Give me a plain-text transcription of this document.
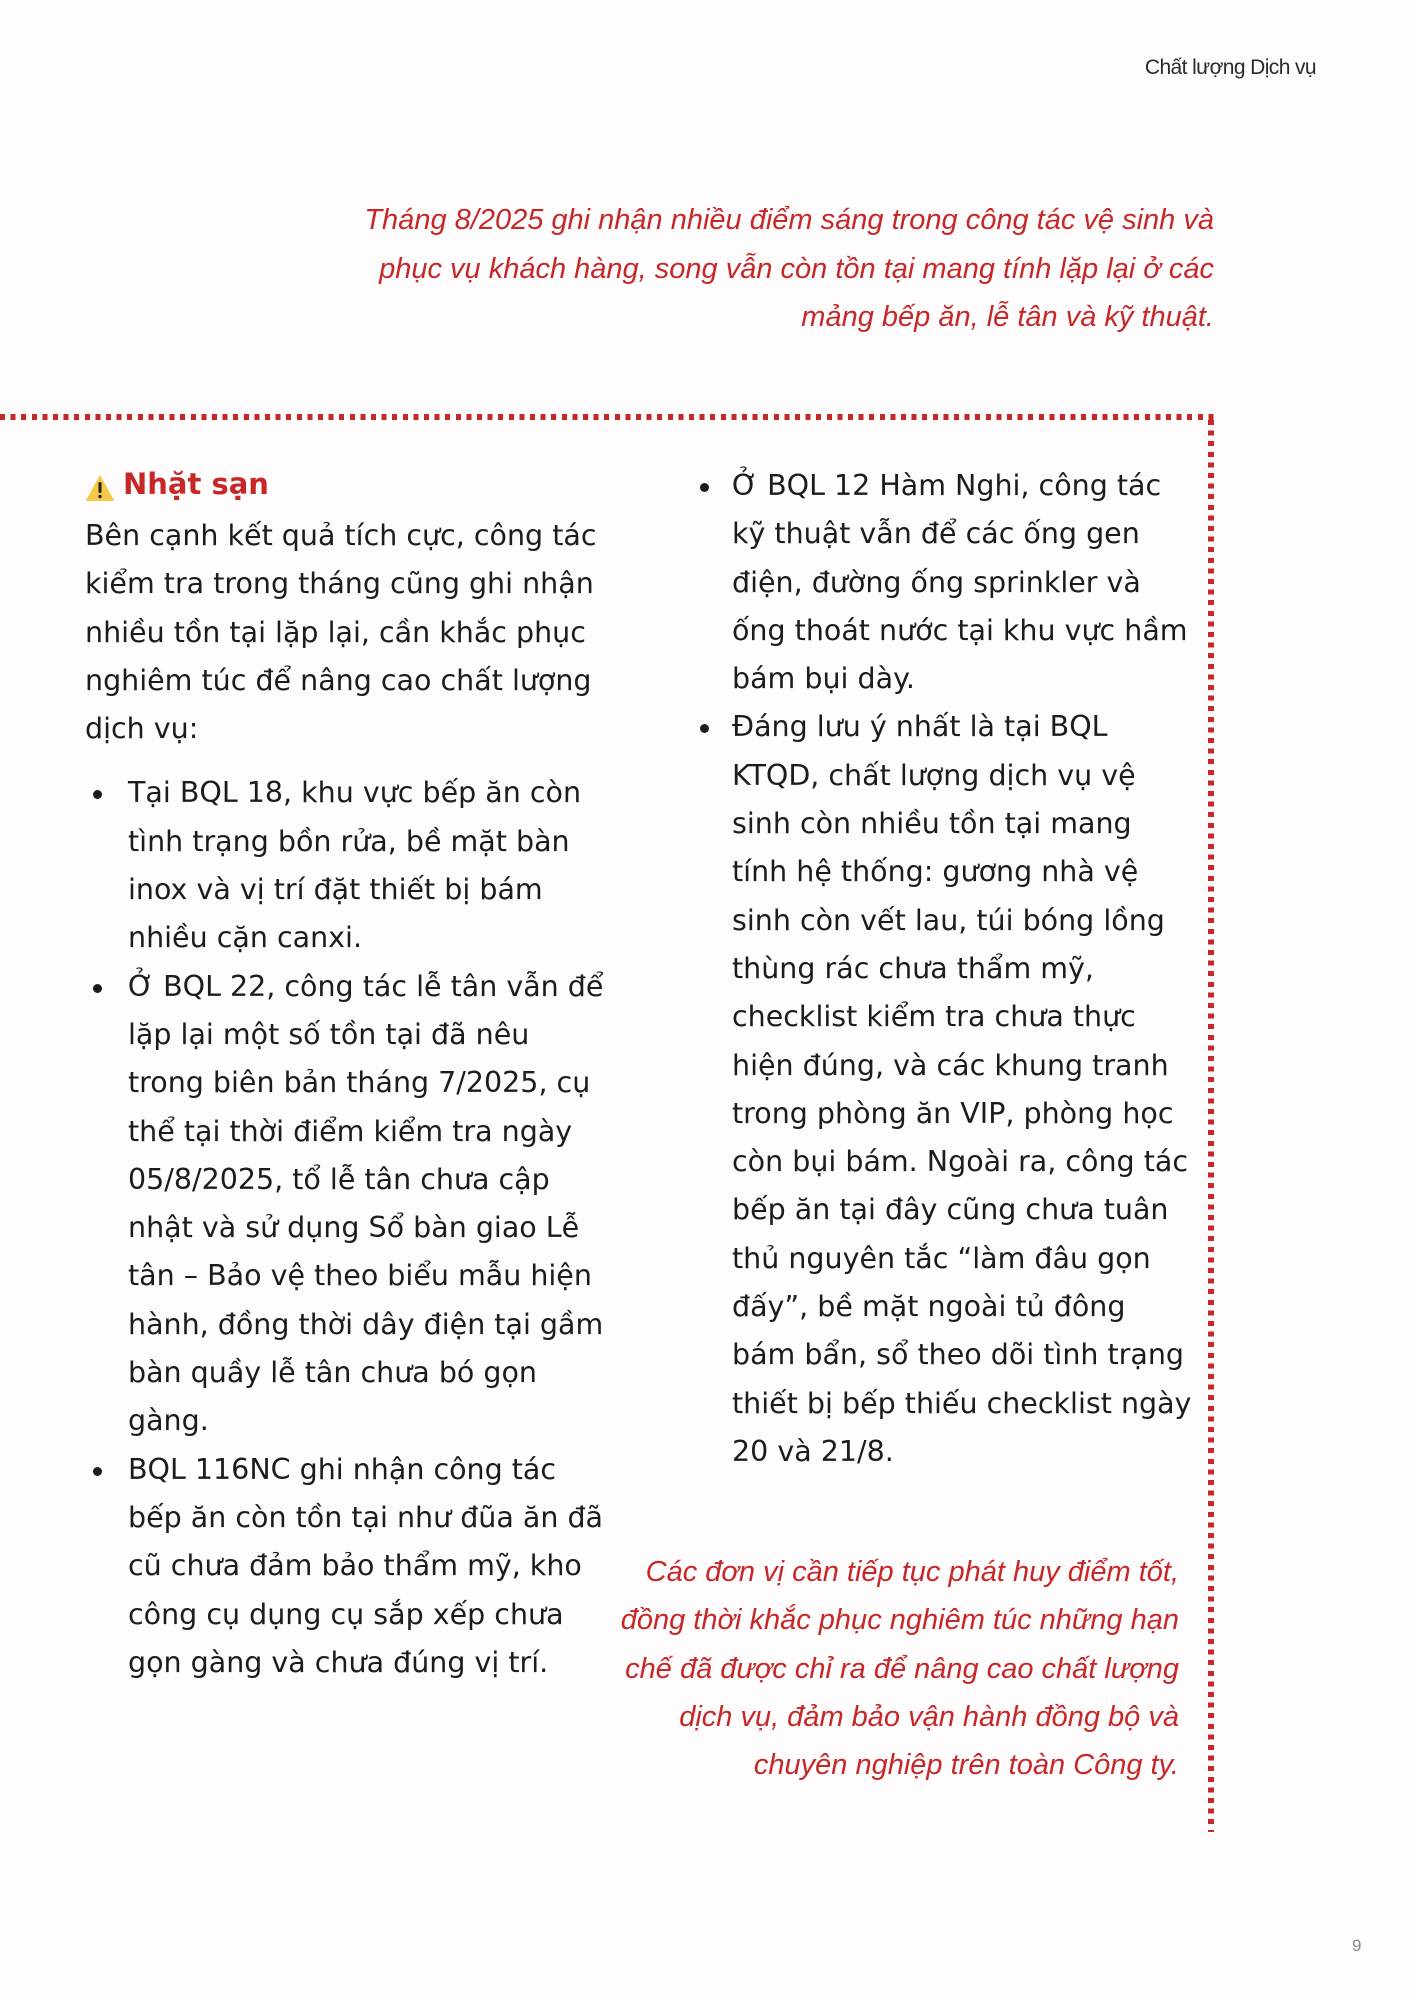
Chất lượng Dịch vụ

Tháng 8/2025 ghi nhận nhiều điểm sáng trong công tác vệ sinh và phục vụ khách hàng, song vẫn còn tồn tại mang tính lặp lại ở các mảng bếp ăn, lễ tân và kỹ thuật.

Nhặt sạn

Bên cạnh kết quả tích cực, công tác kiểm tra trong tháng cũng ghi nhận nhiều tồn tại lặp lại, cần khắc phục nghiêm túc để nâng cao chất lượng dịch vụ:

Tại BQL 18, khu vực bếp ăn còn tình trạng bồn rửa, bề mặt bàn inox và vị trí đặt thiết bị bám nhiều cặn canxi.
Ở BQL 22, công tác lễ tân vẫn để lặp lại một số tồn tại đã nêu trong biên bản tháng 7/2025, cụ thể tại thời điểm kiểm tra ngày 05/8/2025, tổ lễ tân chưa cập nhật và sử dụng Sổ bàn giao Lễ tân – Bảo vệ theo biểu mẫu hiện hành, đồng thời dây điện tại gầm bàn quầy lễ tân chưa bó gọn gàng.
BQL 116NC ghi nhận công tác bếp ăn còn tồn tại như đũa ăn đã cũ chưa đảm bảo thẩm mỹ, kho công cụ dụng cụ sắp xếp chưa gọn gàng và chưa đúng vị trí.
Ở BQL 12 Hàm Nghi, công tác kỹ thuật vẫn để các ống gen điện, đường ống sprinkler và ống thoát nước tại khu vực hầm bám bụi dày.
Đáng lưu ý nhất là tại BQL KTQD, chất lượng dịch vụ vệ sinh còn nhiều tồn tại mang tính hệ thống: gương nhà vệ sinh còn vết lau, túi bóng lồng thùng rác chưa thẩm mỹ, checklist kiểm tra chưa thực hiện đúng, và các khung tranh trong phòng ăn VIP, phòng học còn bụi bám. Ngoài ra, công tác bếp ăn tại đây cũng chưa tuân thủ nguyên tắc “làm đâu gọn đấy”, bề mặt ngoài tủ đông bám bẩn, sổ theo dõi tình trạng thiết bị bếp thiếu checklist ngày 20 và 21/8.

Các đơn vị cần tiếp tục phát huy điểm tốt, đồng thời khắc phục nghiêm túc những hạn chế đã được chỉ ra để nâng cao chất lượng dịch vụ, đảm bảo vận hành đồng bộ và chuyên nghiệp trên toàn Công ty.

9
